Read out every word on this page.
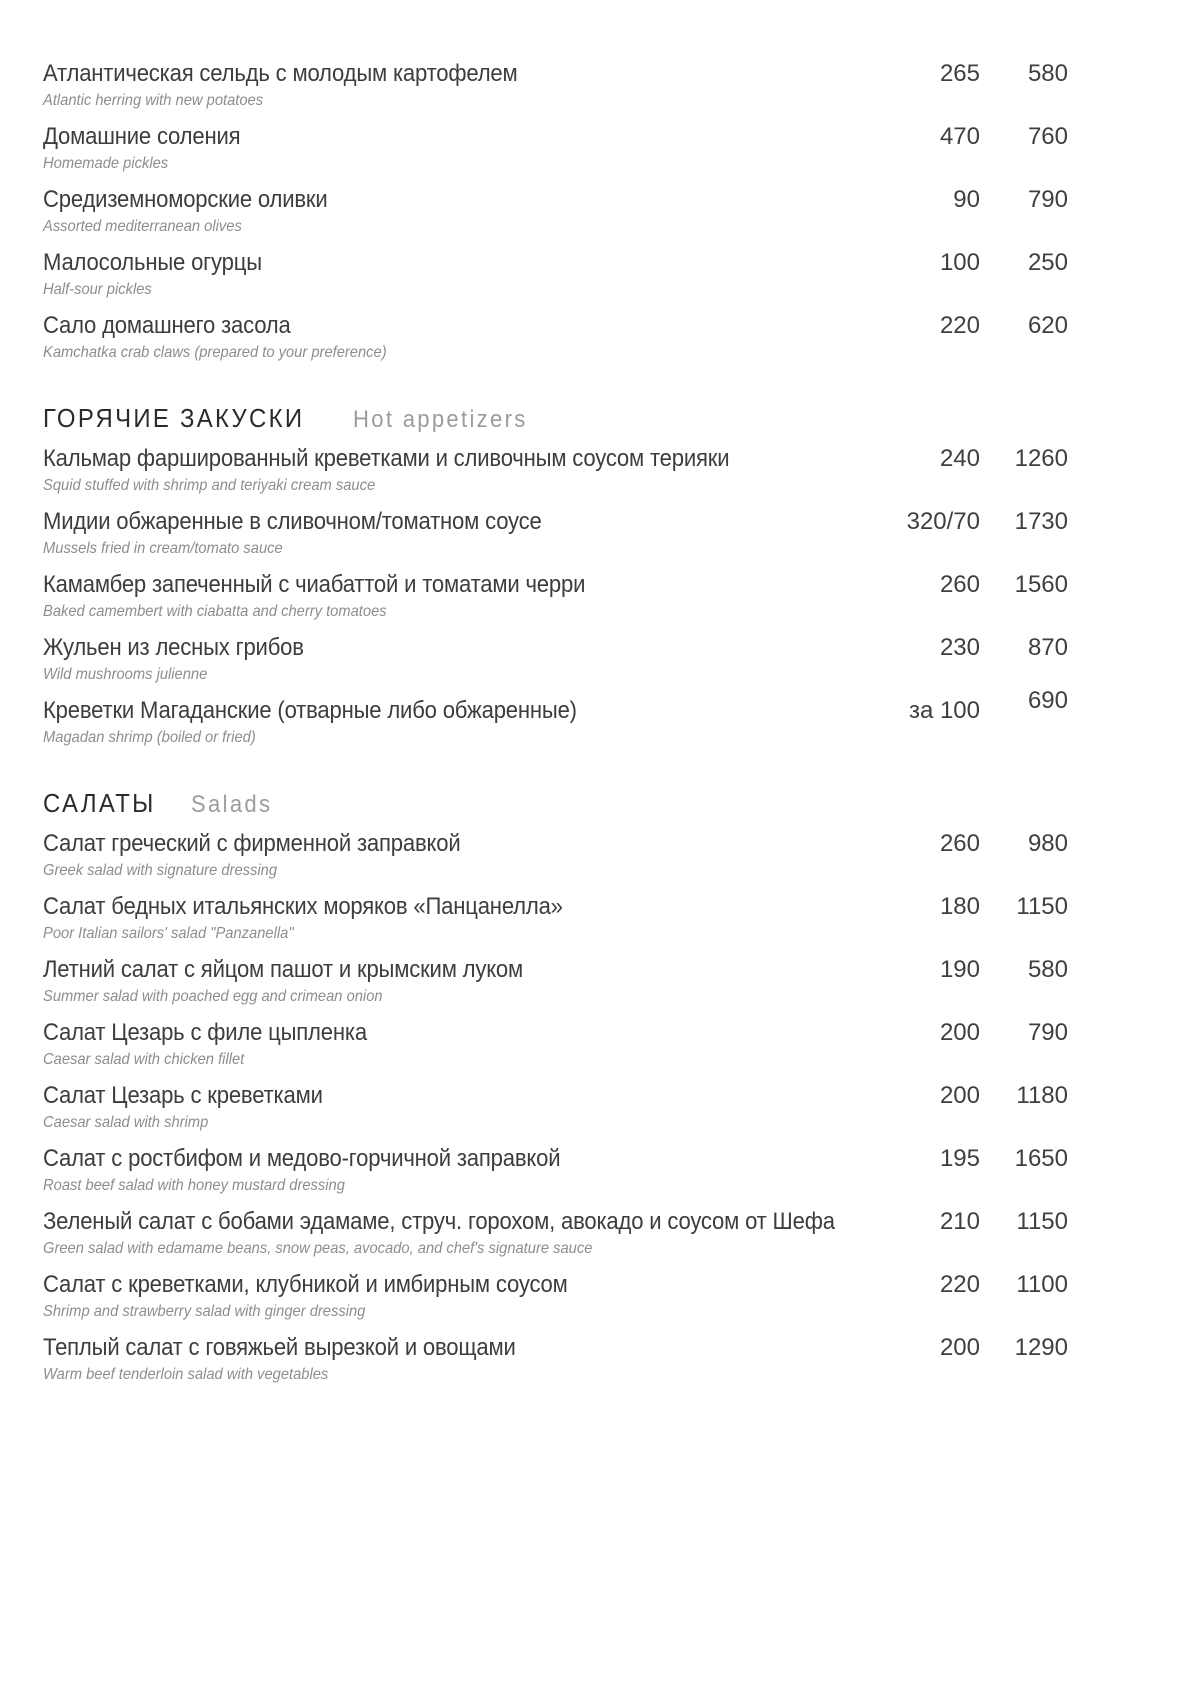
Атлантическая сельдь с молодым картофелем
Atlantic herring with new potatoes
265	580
Домашние соления
Homemade pickles
470	760
Средиземноморские оливки
Assorted mediterranean olives
90	790
Малосольные огурцы
Half-sour pickles
100	250
Сало домашнего засола
Kamchatka crab claws (prepared to your preference)
220	620
ГОРЯЧИЕ ЗАКУСКИ Hot appetizers
Кальмар фаршированный креветками и сливочным соусом терияки
Squid stuffed with shrimp and teriyaki cream sauce
240	1260
Мидии обжаренные в сливочном/томатном соусе
Mussels fried in cream/tomato sauce
320/70	1730
Камамбер запеченный с чиабаттой и томатами черри
Baked camembert with ciabatta and cherry tomatoes
260	1560
Жульен из лесных грибов
Wild mushrooms julienne
230	870
Креветки Магаданские (отварные либо обжаренные)
Magadan shrimp (boiled or fried)
за 100	690
САЛАТЫ Salads
Салат греческий с фирменной заправкой
Greek salad with signature dressing
260	980
Салат бедных итальянских моряков «Панцанелла»
Poor Italian sailors' salad "Panzanella"
180	1150
Летний салат с яйцом пашот и крымским луком
Summer salad with poached egg and crimean onion
190	580
Салат Цезарь с филе цыпленка
Caesar salad with chicken fillet
200	790
Салат Цезарь с креветками
Caesar salad with shrimp
200	1180
Салат с ростбифом и медово-горчичной заправкой
Roast beef salad with honey mustard dressing
195	1650
Зеленый салат с бобами эдамаме, струч. горохом, авокадо и соусом от Шефа
Green salad with edamame beans, snow peas, avocado, and chef's signature sauce
210	1150
Салат с креветками, клубникой и имбирным соусом
Shrimp and strawberry salad with ginger dressing
220	1100
Теплый салат с говяжьей вырезкой и овощами
Warm beef tenderloin salad with vegetables
200	1290
